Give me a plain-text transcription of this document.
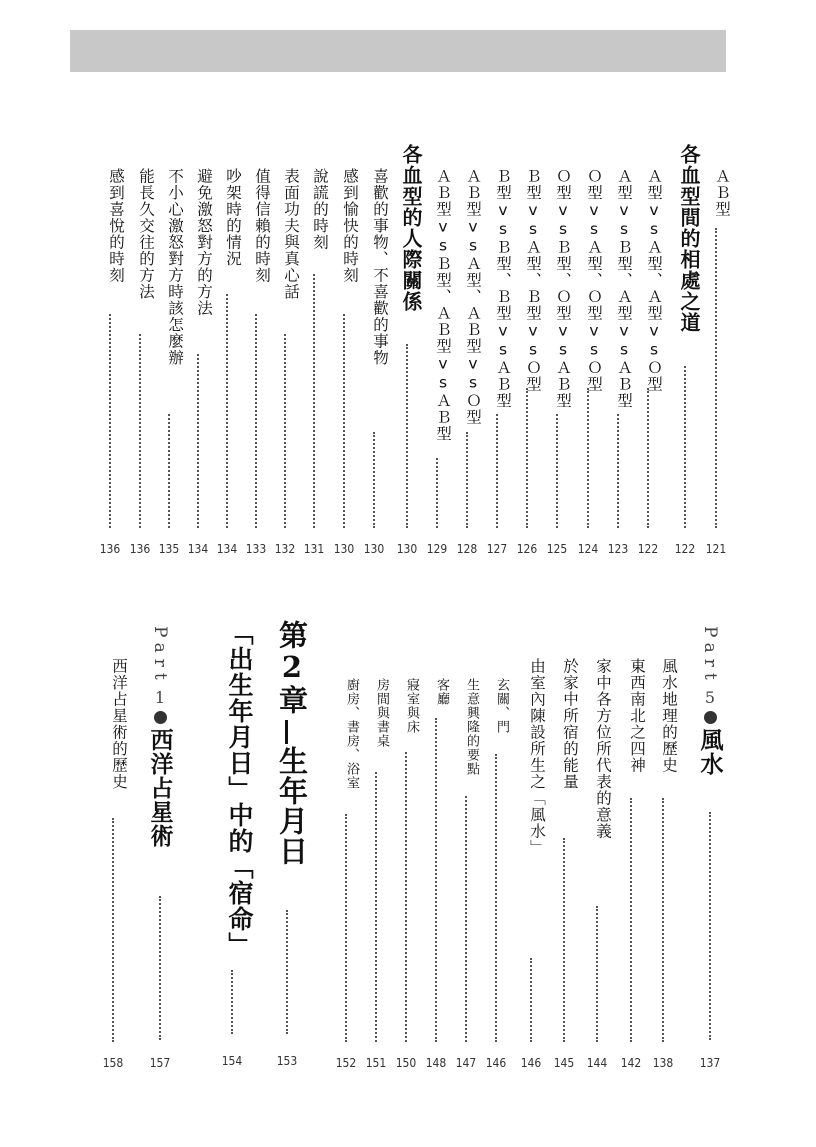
ＡＢ型
121
各血型間的相處之道
122
Ａ型vsＡ型、Ａ型vsＯ型
122
Ａ型vsＢ型、Ａ型vsＡＢ型
123
Ｏ型vsＡ型、Ｏ型vsＯ型
124
Ｏ型vsＢ型、Ｏ型vsＡＢ型
125
Ｂ型vsＡ型、Ｂ型vsＯ型
126
Ｂ型vsＢ型、Ｂ型vsＡＢ型
127
ＡＢ型vsＡ型、ＡＢ型vsＯ型
128
ＡＢ型vsＢ型、ＡＢ型vsＡＢ型
129
各血型的人際關係
130
喜歡的事物、不喜歡的事物
130
感到愉快的時刻
130
說謊的時刻
131
表面功夫與真心話
132
值得信賴的時刻
133
吵架時的情況
134
避免激怒對方的方法
134
不小心激怒對方時該怎麼辦
135
能長久交往的方法
136
感到喜悅的時刻
136
Part
5
風水
137
風水地理的歷史
138
東西南北之四神
142
家中各方位所代表的意義
144
於家中所宿的能量
145
由室內陳設所生之「風水」
146
玄關、門
146
生意興隆的要點
147
客廳
148
寢室與床
150
房間與書桌
151
廚房、書房、浴室
152
第2章
生年月日
153
「出生年月日」中的「宿命」
154
Part
1
西洋占星術
157
西洋占星術的歷史
158
